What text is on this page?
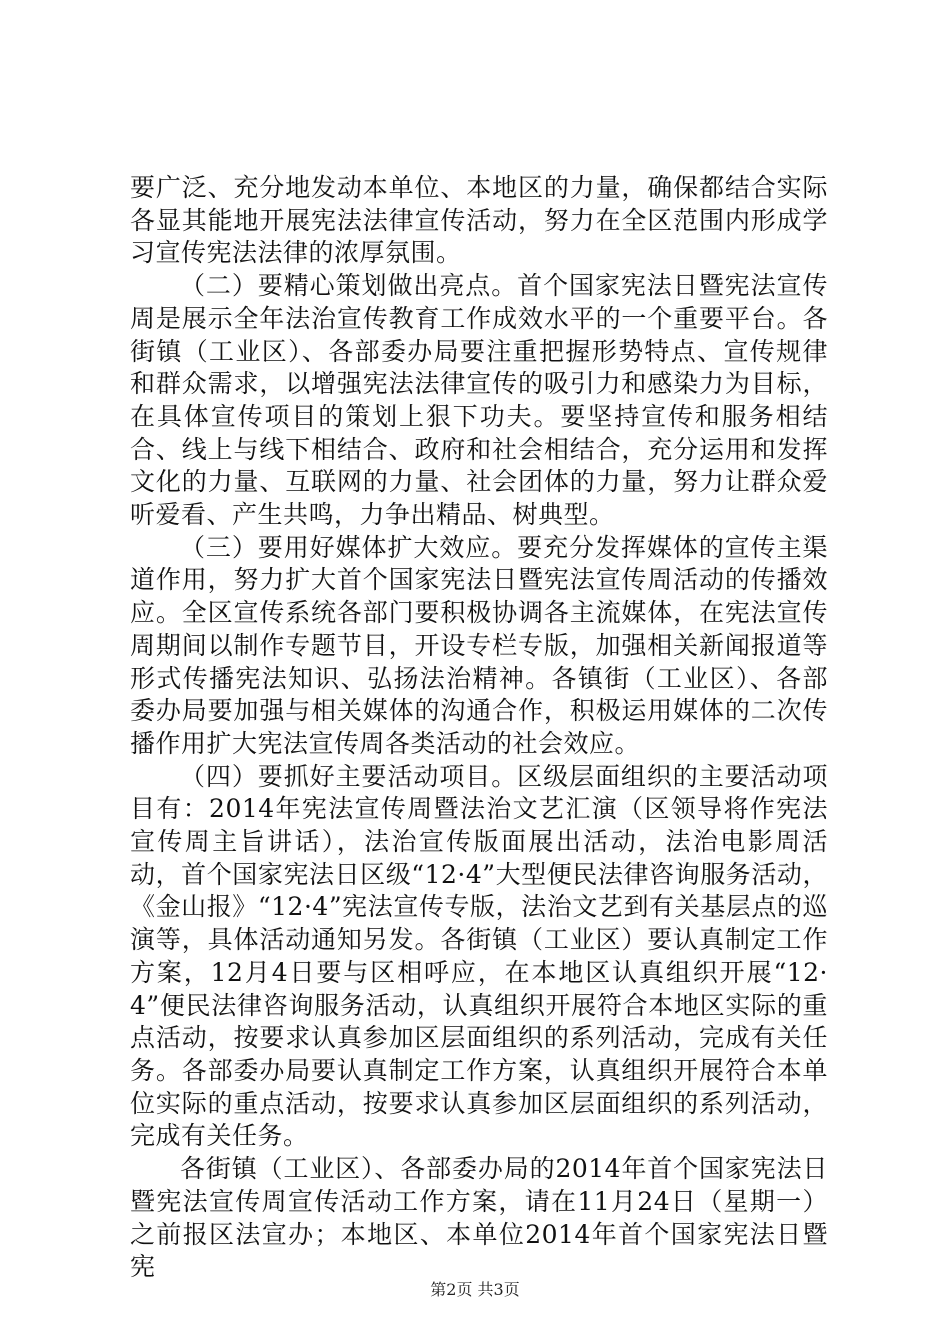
要广泛、充分地发动本单位、本地区的力量，确保都结合实际各显其能地开展宪法法律宣传活动，努力在全区范围内形成学习宣传宪法法律的浓厚氛围。

（二）要精心策划做出亮点。首个国家宪法日暨宪法宣传周是展示全年法治宣传教育工作成效水平的一个重要平台。各街镇（工业区）、各部委办局要注重把握形势特点、宣传规律和群众需求，以增强宪法法律宣传的吸引力和感染力为目标，在具体宣传项目的策划上狠下功夫。要坚持宣传和服务相结合、线上与线下相结合、政府和社会相结合，充分运用和发挥文化的力量、互联网的力量、社会团体的力量，努力让群众爱听爱看、产生共鸣，力争出精品、树典型。

（三）要用好媒体扩大效应。要充分发挥媒体的宣传主渠道作用，努力扩大首个国家宪法日暨宪法宣传周活动的传播效应。全区宣传系统各部门要积极协调各主流媒体，在宪法宣传周期间以制作专题节目，开设专栏专版，加强相关新闻报道等形式传播宪法知识、弘扬法治精神。各镇街（工业区）、各部委办局要加强与相关媒体的沟通合作，积极运用媒体的二次传播作用扩大宪法宣传周各类活动的社会效应。

（四）要抓好主要活动项目。区级层面组织的主要活动项目有：2014年宪法宣传周暨法治文艺汇演（区领导将作宪法宣传周主旨讲话），法治宣传版面展出活动，法治电影周活动，首个国家宪法日区级“12·4”大型便民法律咨询服务活动，《金山报》“12·4”宪法宣传专版，法治文艺到有关基层点的巡演等，具体活动通知另发。各街镇（工业区）要认真制定工作方案，12月4日要与区相呼应，在本地区认真组织开展“12·4”便民法律咨询服务活动，认真组织开展符合本地区实际的重点活动，按要求认真参加区层面组织的系列活动，完成有关任务。各部委办局要认真制定工作方案，认真组织开展符合本单位实际的重点活动，按要求认真参加区层面组织的系列活动，完成有关任务。

各街镇（工业区）、各部委办局的2014年首个国家宪法日暨宪法宣传周宣传活动工作方案，请在11月24日（星期一）之前报区法宣办；本地区、本单位2014年首个国家宪法日暨宪

第2页 共3页
